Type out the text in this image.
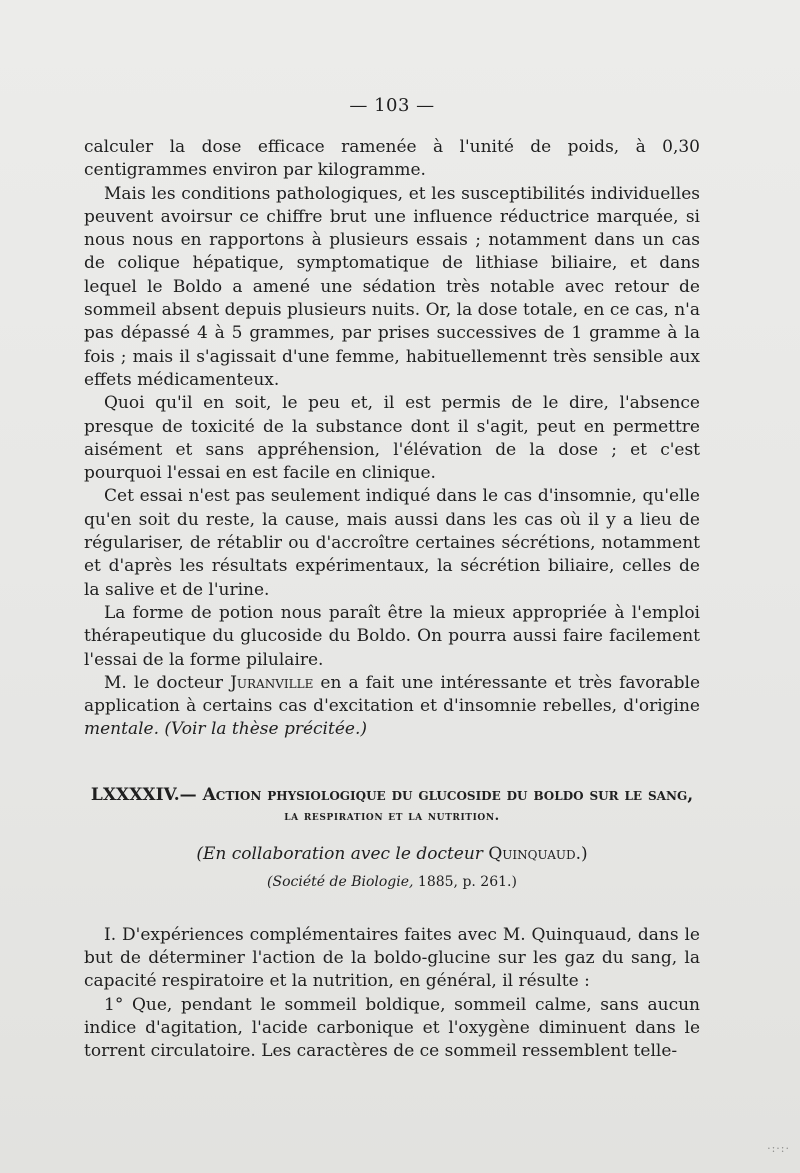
— 103 —

calculer la dose efficace ramenée à l'unité de poids, à 0,30 centigrammes environ par kilogramme.

Mais les conditions pathologiques, et les susceptibilités individuelles peuvent avoirsur ce chiffre brut une influence réductrice marquée, si nous nous en rapportons à plusieurs essais ; notamment dans un cas de colique hépatique, symptomatique de lithiase biliaire, et dans lequel le Boldo a amené une sédation très notable avec retour de sommeil absent depuis plusieurs nuits. Or, la dose totale, en ce cas, n'a pas dépassé 4 à 5 grammes, par prises successives de 1 gramme à la fois ; mais il s'agissait d'une femme, habituellemennt très sensible aux effets médicamenteux.

Quoi qu'il en soit, le peu et, il est permis de le dire, l'absence presque de toxicité de la substance dont il s'agit, peut en permettre aisément et sans appréhension, l'élévation de la dose ; et c'est pourquoi l'essai en est facile en clinique.

Cet essai n'est pas seulement indiqué dans le cas d'insomnie, qu'elle qu'en soit du reste, la cause, mais aussi dans les cas où il y a lieu de régulariser, de rétablir ou d'accroître certaines sécrétions, notamment et d'après les résultats expérimentaux, la sécrétion biliaire, celles de la salive et de l'urine.

La forme de potion nous paraît être la mieux appropriée à l'emploi thérapeutique du glucoside du Boldo. On pourra aussi faire facilement l'essai de la forme pilulaire.

M. le docteur Juranville en a fait une intéressante et très favorable application à certains cas d'excitation et d'insomnie rebelles, d'origine mentale. (Voir la thèse précitée.)

LXXXXIV.— Action physiologique du glucoside du boldo sur le sang,
la respiration et la nutrition.
(En collaboration avec le docteur Quinquaud.)
(Société de Biologie, 1885, p. 261.)

I. D'expériences complémentaires faites avec M. Quinquaud, dans le but de déterminer l'action de la boldo-glucine sur les gaz du sang, la capacité respiratoire et la nutrition, en général, il résulte :

1° Que, pendant le sommeil boldique, sommeil calme, sans aucun indice d'agitation, l'acide carbonique et l'oxygène diminuent dans le torrent circulatoire. Les caractères de ce sommeil ressemblent telle-

·:·:·
